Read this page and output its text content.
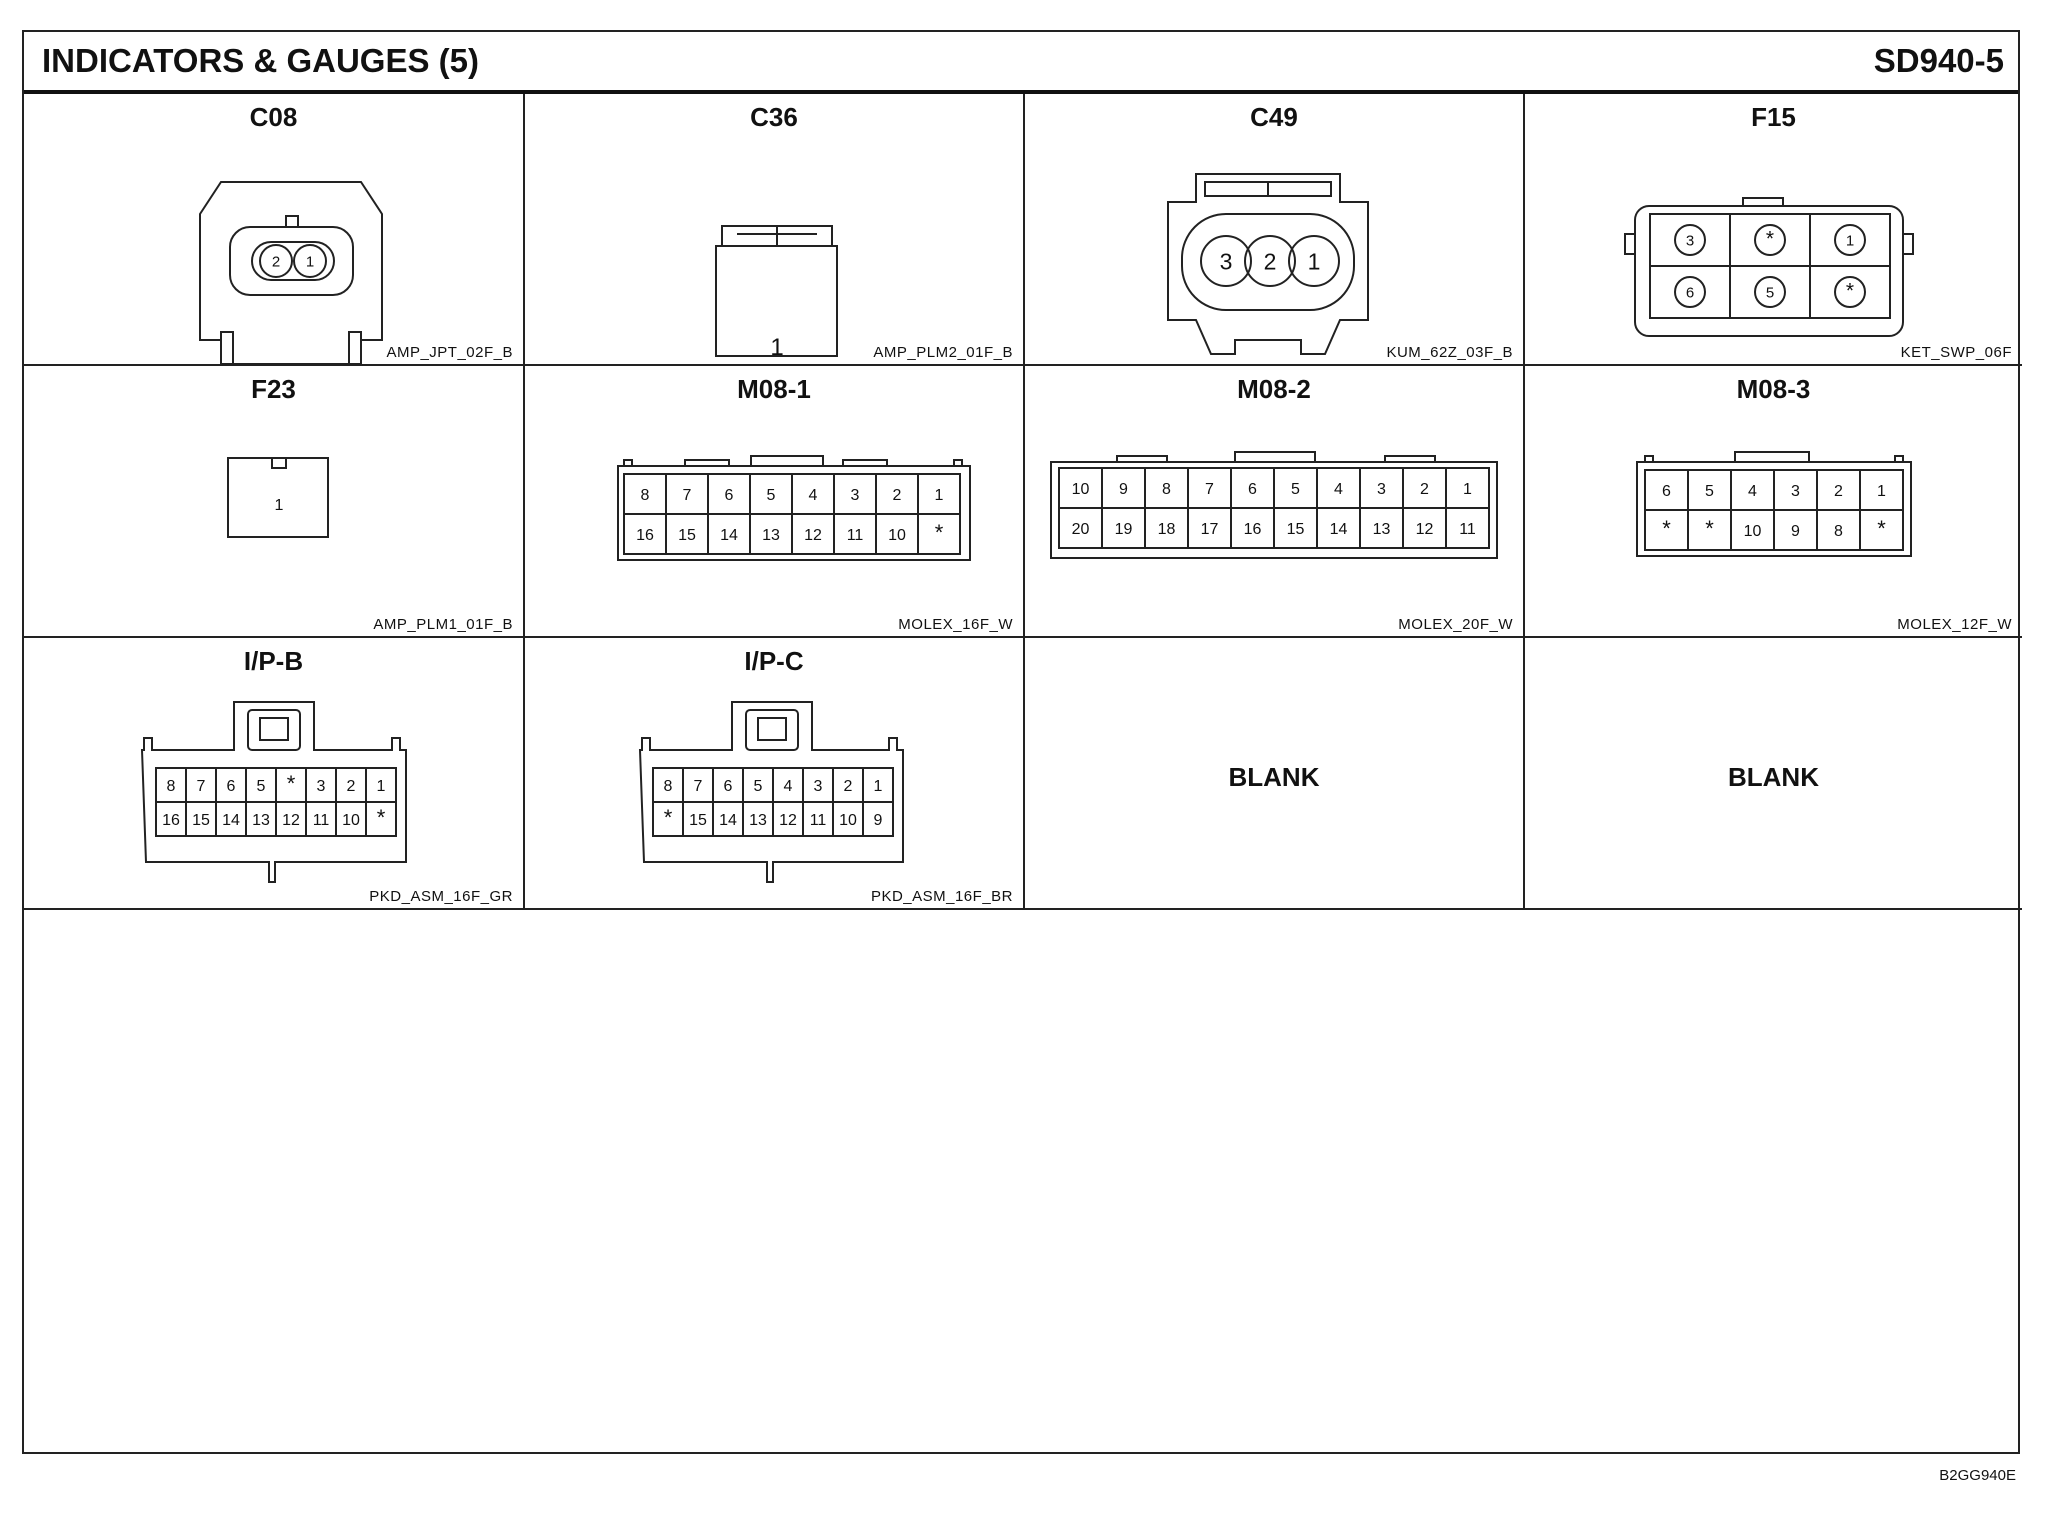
INDICATORS & GAUGES (5)	SD940-5
C08
2 1
AMP_JPT_02F_B
C36
1	AMP_PLM2_01F_B
C49
3 2 1
KUM_62Z_03F_B
F15
3	*	1
6	5	*
KET_SWP_06F
F23
1
AMP_PLM1_01F_B
M08-1
8 7 6 5 4 3 2 1
16 15 14 13 12 11 10 *
MOLEX_16F_W
M08-2
10 9 8 7 6 5 4 3 2 1
20 19 18 17 16 15 14 13 12 11
MOLEX_20F_W
M08-3
6 5 4 3 2 1
* * 10 9 8 *
MOLEX_12F_W
I/P-B
8 7 6 5 * 3 2 1
16 15 14 13 12 11 10 *
PKD_ASM_16F_GR
I/P-C
8 7 6 5 4 3 2 1
* 15 14 13 12 11 10 9
PKD_ASM_16F_BR
BLANK	BLANK
B2GG940E
